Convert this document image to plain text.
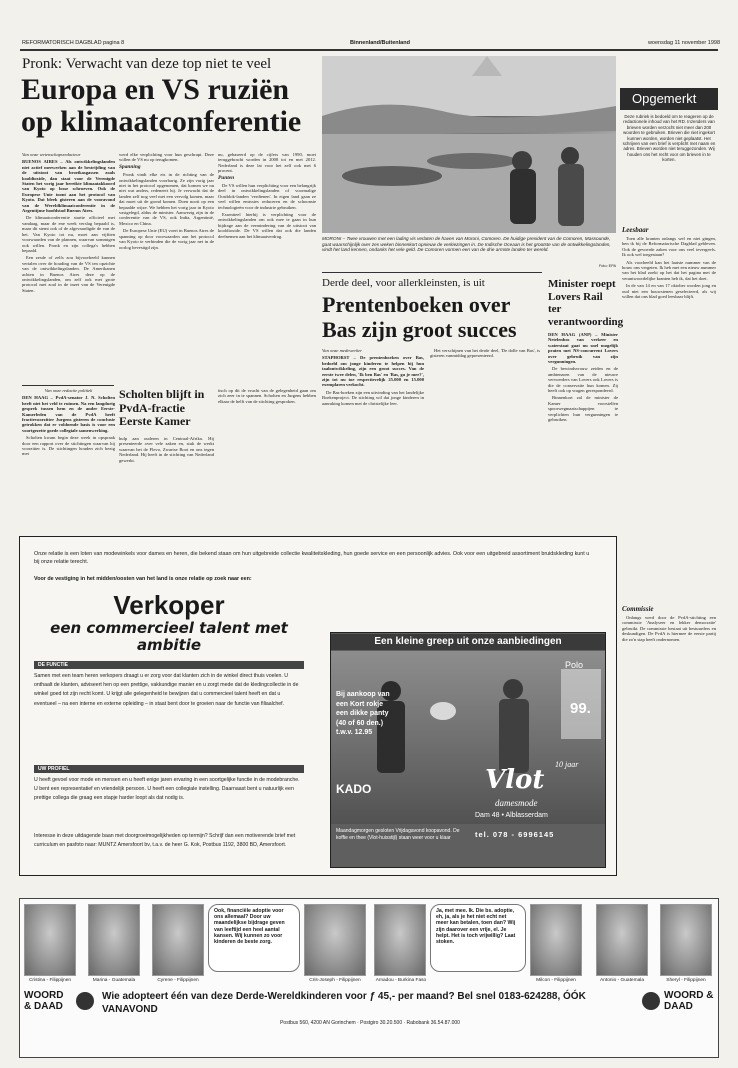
REFORMATORISCH DAGBLAD pagina 8	Binnenland/Buitenland	woensdag 11 november 1998
Pronk: Verwacht van deze top niet te veel
Europa en VS ruziën
op klimaatconferentie

Van onze wetenschapsredacteur

BUENOS AIRES – Als ontwikkelingslanden niet actief meewerken aan de bestrijding van de uitstoot van broeikasgassen zoals kooldioxide, dan staat voor de Verenigde Staten het vorig jaar bereikte klimaatakkoord van Kyoto op losse schroeven. Ook de Europese Unie toont aan het protocol van Kyoto. Dat bleek gisteren aan de vooravond van de Wereldklimaatconferentie in de Argentijnse hoofdstad Buenos Aires.

De klimaatconferentie startte officieel met vandaag, maar de ene week verslag bepaald is, maar dit stemt ook of de afgevaardigde de van de het. Van Kyoto tot nu, moet aan vijftien voorwaarden van de plannen, waarvan sommigen ook willen. Pronk en zijn collega's hebben bepaald.

Een zesde of zelfs zou bijvoorbeeld kunnen vertalen over de houding van de VS ten opzichte van de ontwikkelingslanden. De Amerikanen achten in Buenos Aires deze op de ontwikkelingslanden, om zelf ook met grote protocol met zoal in de inzet van de Verenigde Staten.

werd elke verplichting voor hun geschrapt. Deze willen de VS nu op terugkomen.

Spanning

Pronk vindt elke eis in de richting van de ontwikkelingslanden voorbarig. Ze zijn vorig jaar niet in het protocol opgenomen, dat komen we nu niet wat anders, redeneert hij. Je verwacht dat de landen zelf nog veel met een vervolg komen, maar dat moet uit de grond komen. Doen nooit op een bepaalde wijze. We hebben het vorig jaar in Kyoto vastgelegd, aldus de minister. Aanwezig zijn in de conferentie van de VS, ook India, Argentinië, Mexico en China.

De Europese Unie (EU) voert in Buenos Aires de spanning op door voorwaarden aan het protocol van Kyoto te verbinden die de vorig jaar net in de oorlog bevestigd zijn.

nu, gebaseerd op de cijfers van 1990, moet teruggebracht worden in 2008 tot en met 2012. Nederland is deze lat voor het zelf ook met 6 procent.

Punten

De VS willen hun verplichting voor een belangrijk deel in ontwikkelingslanden of voormalige Oostblok-landen 'verdienen'. In eigen land gaan ze veel willen emissies reduceren en de schoonste technologieën voor de industrie gebruiken.

Essentieel hierbij is verplichting voor de ontwikkelingslanden om ook mee te gaan in hun bijdrage aan de vermindering van de uitstoot van kooldioxide. De VS willen dat ook die landen deelnemen aan het klimaatverdrag.

Van onze redactie politiek

DEN HAAG – PvdA-senator J. N. Scholten heeft niet het veld te ruimen. Na een langdurig gesprek tussen hem en de ander Eerste-Kamerleden van de PvdA heeft fractievoorzitter Jurgens gisteren de conclusie getrokken dat er voldoende basis is voor een voortgezette goede collegiale samenwerking.

Scholten kwam begin deze week in opspraak door een rapport over de stichtingen waarvan hij voorzitter is. De stichtingen houden zich bezig met

Scholten blijft in PvdA-fractie Eerste Kamer

hulp aan ouderen in Centraal-Afrika. Hij presenteerde over vele zaken en, stuk de werkt waarvan het de Flevo, Zwartse Boot en ons tegen Nederland. Hij heeft in de stichting van Nederland gewerkt.

tisch op dit de vrucht van de gelegenheid gaan om zich zeer in te spannen. Scholten en Jurgens hebben elkaar de helft van de stichting gesproken.

MORONI – Twee vrouwen met een lading vis verlaten de haven van Moroni, Comoren. De huidige president van de Comoren, Massounde, gaat waarschijnlijk over zes weken binnenkort opnieuw de verkiezingen in. De Indische Oceaan is het grootste van de ontwikkelingslanden, vindt het land kennen, ondanks het vele geld. De Comoren vormen een van de drie armste landen ter wereld.
Foto: EPA
Opgemerkt
Deze rubriek is bedoeld om te reageren op de redactionele inhoud van het RD. Inzenders van brieven worden verzocht niet meer dan 200 woorden te gebruiken. Brieven die niet ingekort kunnen worden, worden niet geplaatst. Het schrijven van een brief is verplicht met naam en adres. Brieven worden niet teruggezonden. Wij houden ons het recht voor om brieven in te korten.
Leesbaar

Toen alle kranten onlangs wel en niet gingen, ben ik bij de Reformatorische Dagblad gebleven. Ook de gevoerde zaken voor ons veel tevergeefs. Ik ook wel toegestaan?

Als voorbeeld kan het laatste nummer van de bouw ons vergeten. Ik heb met een nieuw nummer van het blad zoekt op het dat het pagina met de verantwoordelijke kranten heb ik, dat het doet.

In de van 14 en van 17 oktober worden jong en oud niet een bouwstenen geselecteerd, als wij willen dat ons blad goed leesbaar blijft.

Commissie

Onlangs werd door de PvdA-stichting een commissie 'Analyseer en lekker democratie' gebruikt. De commissie bestaat uit bestuurders en deskundigen. De PvdA is hiermee de eerste partij die zo'n stap heeft ondernomen.

Derde deel, voor allerkleinsten, is uit
Prentenboeken over
Bas zijn groot succes

Van onze medewerker

STAPHORST – De prentenboeken over Bas, bedoeld om jonge kinderen te helpen bij hun taalontwikkeling, zijn een groot succes. Van de eerste twee delen, 'Ik ben Bas' en 'Bas, ga je mee?', zijn tot nu toe respectievelijk 25.000 en 15.000 exemplaren verkocht.

De Bas-boeken zijn een uitvinding van het landelijke Boekenproject. De stichting wil dat jonge kinderen in aanraking komen met de christelijke leer.

Het verschijnen van het derde deel, 'De dolle van Bas', is gisteren vanmiddag gepresenteerd.

Minister roept Lovers Rail ter verantwoording

DEN HAAG (ANP) – Minister Netelenbos van verkeer en waterstaat gaat nu snel mogelijk praten met NS-concurrent Lovers over gebruik van zijn vergunningen.

De bewindsvrouw zeiden en de ambtenaren van de nieuwe vervoerders van Lovers ook Lovers is die de conservatie hun komen. Zij heeft ook op vragen gerespondeerd.

Binnenkort zal de minister de Kamer voorstellen spoorwegmaatschappijen te verplichten hun vergunningen te gebruiken.

Onze relatie is een loten van modewinkels voor dames en heren, die bekend staan om hun uitgebreide collectie kwaliteitskleding, hun goede service en een persoonlijk advies. Ook voor een uitgebreid assortiment bruidskleding kunt u bij onze relatie terecht.
Voor de vestiging in het midden/oosten van het land is onze relatie op zoek naar een:
Verkoper
een commercieel talent met ambitie
DE FUNCTIE
Samen met een team heren verkopers draagt u er zorg voor dat klanten zich in de winkel direct thuis voelen. U onthaalt de klanten, adviseert hen op een prettige, vakkundige manier en u zorgt mede dat de kledingcollectie in de winkel goed tot zijn recht komt. U krijgt alle gelegenheid te bewijzen dat u commercieel talent heeft en dat u eventueel – na een interne en externe opleiding – in staat bent door te groeien naar de functie van filiaalchef.
UW PROFIEL
U heeft gevoel voor mode en mensen en u heeft enige jaren ervaring in een soortgelijke functie in de modebranche. U bent een representatief en vriendelijk persoon. U heeft een collegiale instelling. Daarnaast bent u natuurlijk een prettige collega die graag een stapje harder loopt als dat nodig is.
Interesse in deze uitdagende baan met doorgroeimogelijkheden op termijn? Schrijf dan een motiverende brief met curriculum en pasfoto naar: MUNTZ Amersfoort bv, t.a.v. de heer G. Kok, Postbus 1192, 3800 BD, Amersfoort.
Een kleine greep uit onze aanbiedingen
Polo
99.
Bij aankoop van een Kort rokje een dikke panty (40 of 60 den.) t.w.v. 12.95
KADO	Vlot
10 jaar
damesmode
Dam 48 • Alblasserdam
tel. 078 - 6996145
Maandagmorgen gesloten Vrijdagavond koopavond. De koffie en thee (Vlot-huisstijl) staan weer voor u klaar
Cristina - Filippijnen	Marina - Guatemala	Cyrene - Filippijnen
Ook, financiële adoptie voor ons allemaal? Door uw maandelijkse bijdrage geven van leeftijd een heel aantal kansen. Wij kunnen zo voor kinderen de beste zorg.
Cris-Joseph - Filippijnen	Amadou - Burkina Faso
Ja, met mee. Ik. Die bs. adoptie, eh, ja, als je het niet echt net meer kan betalen, toen dan? Wij zijn daarover een vrije, el. Je helpt. Het is toch vrijwillig? Laat stoken.
Milcon - Filippijnen	Antonio - Guatemala	Sheryl - Filippijnen
WOORD & DAAD
Wie adopteert één van deze Derde-Wereldkinderen voor ƒ 45,- per maand? Bel snel 0183-624288, ÓÓK VANAVOND
Postbus 560, 4200 AN Gorinchem · Postgiro 30.20.500 · Rabobank 36.54.87.000
WOORD & DAAD
